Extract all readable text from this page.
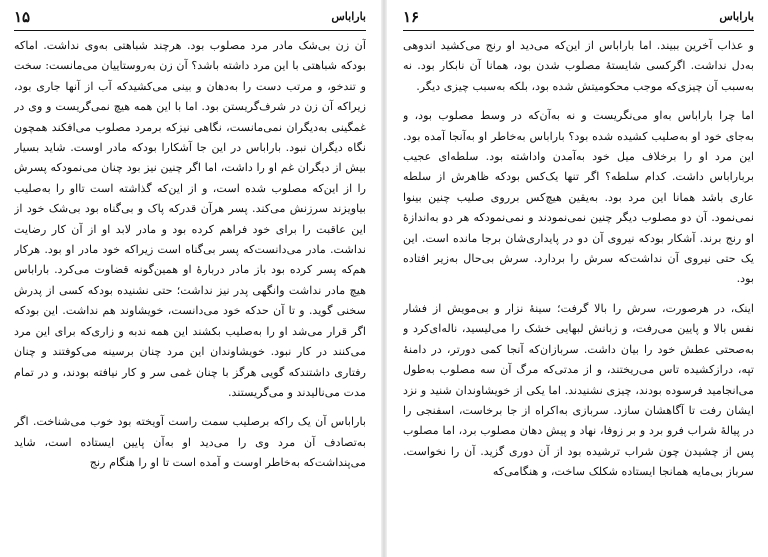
باراباس
۱۵

آن زن بی‌شک مادر مرد مصلوب بود. هرچند شباهتی به‌وی نداشت. اما‌که بود‌که شباهتی با این مرد داشته باشد؟ آن زن به‌روستاییان می‌مانست: سخت و تندخو، و مرتب دست را به‌دهان و بینی می‌کشید‌که آب از آنها جاری بود، زیرا‌که آن زن در شرف‌گریستن بود. اما با این همه هیچ نمی‌گریست و وی در غمگینی به‌دیگران نمی‌مانست، نگاهی نیز‌که برمرد مصلوب می‌افکند همچون نگاه دیگران نبود. باراباس در این جا آشکارا بود‌که مادر اوست. شاید بسیار بیش از دیگران غم او را داشت، اما اگر چنین نیز بود چنان می‌نمود‌که پسرش را از این‌که مصلوب شده است، و از این‌که گذاشته است تااو را به‌صلیب بیاویزند سرزنش می‌کند. پسر هرآن قدرکه پاک و بی‌گناه بود بی‌شک خود از این عاقبت را برای خود فراهم کرده بود و مادر لابد او از آن کار رضایت نداشت. مادر می‌دانست‌که پسر بی‌گناه است زیرا‌که خود مادر او بود. هرکار هم‌که پسر کرده بود باز مادر دربارهٔ او همین‌گونه قضاوت می‌کرد. باراباس هیچ مادر نداشت وانگهی پدر نیز نداشت؛ حتی نشنیده بود‌که کسی از پدرش سخنی گوید. و تا آن حد‌که خود می‌دانست، خویشاوند هم نداشت. این بود‌که اگر قرار می‌شد او را به‌صلیب بکشند این همه ندبه و زاری‌که برای این مرد می‌کنند در کار نبود. خویشاوندان این مرد چنان برسینه می‌کوفتند و چنان رفتاری داشتند‌که گویی هرگز با چنان غمی سر و کار نیافته بودند، و در تمام مدت می‌نالیدند و می‌گریستند.

باراباس آن یک را‌که برصلیب سمت راست آویخته بود خوب می‌شناخت. اگر به‌تصادف آن مرد وی را می‌دید او به‌آن پایین ایستاده است، شاید می‌پنداشت‌که به‌خاطر اوست و آمده است تا او را هنگام رنج

باراباس
۱۶

و عذاب آخرین ببیند. اما باراباس از این‌که می‌دید او رنج می‌کشید اندوهی به‌دل نداشت. اگرکسی شایستهٔ مصلوب شدن بود، همانا آن نابکار بود. نه به‌سبب آن چیزی‌که موجب محکومیتش شده بود، بلکه به‌سبب چیزی دیگر.

اما چرا باراباس به‌او می‌نگریست و نه به‌آن‌که در وسط مصلوب بود، و به‌جای خود او به‌صلیب کشیده شده بود؟ باراباس به‌خاطر او به‌آنجا آمده بود. این مرد او را برخلاف میل خود به‌آمدن واداشته بود. سلطه‌ای عجیب برباراباس داشت. کدام سلطه؟ اگر تنها یک‌کس بود‌که ظاهرش از سلطه عاری باشد همانا این مرد بود. به‌یقین هیچ‌کس برروی صلیب چنین بینوا نمی‌نمود. آن دو مصلوب دیگر چنین نمی‌نمودند و نمی‌نمود‌که هر دو به‌اندازهٔ او رنج برند. آشکار بود‌که نیروی آن دو در پایداری‌شان برجا مانده است. این یک حتی نیروی آن نداشت‌که سرش را بردارد. سرش بی‌حال به‌زیر افتاده بود.

اینک، در هرصورت، سرش را بالا گرفت؛ سینهٔ نزار و بی‌مویش از فشار نفس بالا و پایین می‌رفت، و زبانش لبهایی خشک را می‌لیسید، ناله‌ای‌کرد و به‌صحتی عطش خود را بیان داشت. سربازان‌که آنجا کمی دورتر، در دامنهٔ تپه، درازکشیده تاس می‌ریختند، و از مدتی‌که مرگ آن سه مصلوب به‌طول می‌انجامید فرسوده بودند، چیزی نشنیدند. اما یکی از خویشاوندان شنید و نزد ایشان رفت تا آگاهشان سازد. سربازی به‌اکراه از جا برخاست، اسفنجی را در پیالهٔ شراب فرو برد و بر زوفا، نهاد و پیش دهان مصلوب برد، اما مصلوب پس از چشیدن چون شراب ترشیده بود از آن دوری گزید. آن را نخواست. سرباز بی‌مایه همانجا ایستاده شکلک ساخت، و هنگامی‌که
